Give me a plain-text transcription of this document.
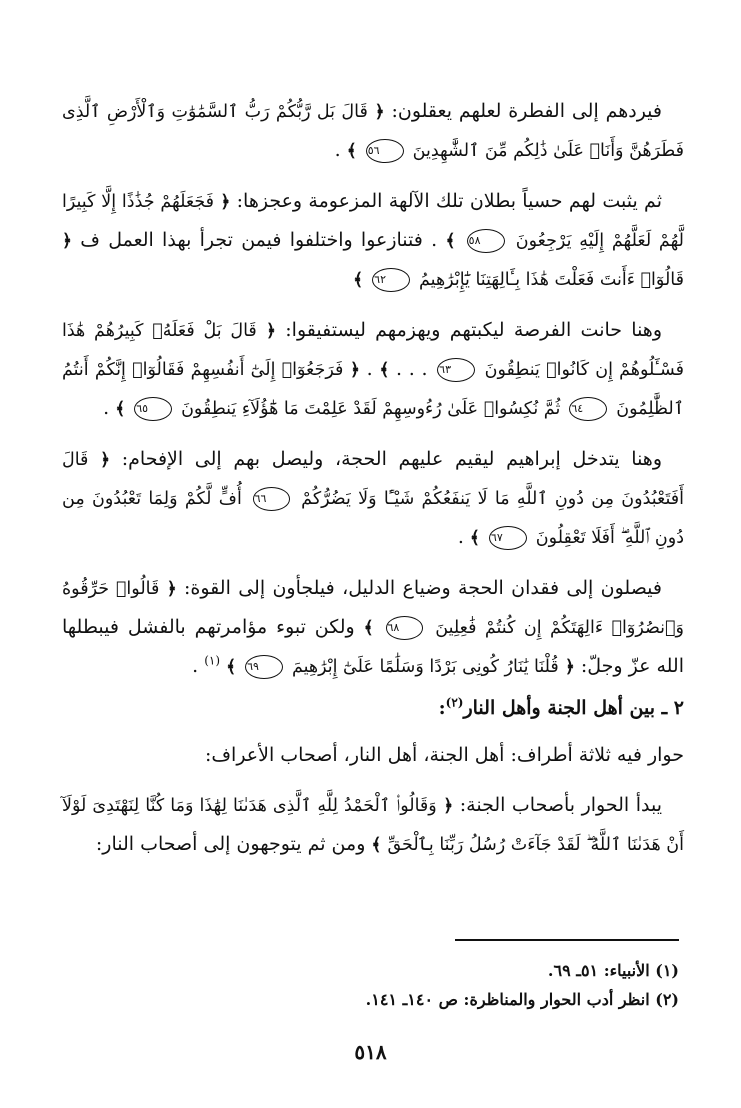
فيردهم إلى الفطرة لعلهم يعقلون: ﴿ قَالَ بَل رَّبُّكُمْ رَبُّ ٱلسَّمَٰوَٰتِ وَٱلْأَرْضِ ٱلَّذِى فَطَرَهُنَّ وَأَنَا۠ عَلَىٰ ذَٰلِكُم مِّنَ ٱلشَّٰهِدِينَ ٥٦ ﴾ .

ثم يثبت لهم حسياً بطلان تلك الآلهة المزعومة وعجزها: ﴿ فَجَعَلَهُمْ جُذَٰذًا إِلَّا كَبِيرًا لَّهُمْ لَعَلَّهُمْ إِلَيْهِ يَرْجِعُونَ ٥٨ ﴾ . فتنازعوا واختلفوا فيمن تجرأ بهذا العمل ف ﴿ قَالُوٓا۟ ءَأَنتَ فَعَلْتَ هَٰذَا بِـَٔالِهَتِنَا يَٰٓإِبْرَٰهِيمُ ٦٢ ﴾

وهنا حانت الفرصة ليكبتهم ويهزمهم ليستفيقوا: ﴿ قَالَ بَلْ فَعَلَهُۥ كَبِيرُهُمْ هَٰذَا فَسْـَٔلُوهُمْ إِن كَانُوا۟ يَنطِقُونَ ٦٣ . . . ﴾ . ﴿ فَرَجَعُوٓا۟ إِلَىٰٓ أَنفُسِهِمْ فَقَالُوٓا۟ إِنَّكُمْ أَنتُمُ ٱلظَّٰلِمُونَ ٦٤ ثُمَّ نُكِسُوا۟ عَلَىٰ رُءُوسِهِمْ لَقَدْ عَلِمْتَ مَا هَٰٓؤُلَآءِ يَنطِقُونَ ٦٥ ﴾ .

وهنا يتدخل إبراهيم ليقيم عليهم الحجة، وليصل بهم إلى الإفحام: ﴿ قَالَ أَفَتَعْبُدُونَ مِن دُونِ ٱللَّهِ مَا لَا يَنفَعُكُمْ شَيْـًٔا وَلَا يَضُرُّكُمْ ٦٦ أُفٍّ لَّكُمْ وَلِمَا تَعْبُدُونَ مِن دُونِ ٱللَّهِ ۖ أَفَلَا تَعْقِلُونَ ٦٧ ﴾ .

فيصلون إلى فقدان الحجة وضياع الدليل، فيلجأون إلى القوة: ﴿ قَالُوا۟ حَرِّقُوهُ وَٱنصُرُوٓا۟ ءَالِهَتَكُمْ إِن كُنتُمْ فَٰعِلِينَ ٦٨ ﴾ ولكن تبوء مؤامرتهم بالفشل فيبطلها الله عزّ وجلّ: ﴿ قُلْنَا يَٰنَارُ كُونِى بَرْدًا وَسَلَٰمًا عَلَىٰٓ إِبْرَٰهِيمَ ٦٩ ﴾ $^{(١)}$ .

٢ ـ بين أهل الجنة وأهل النار$^{(٢)}$:

حوار فيه ثلاثة أطراف: أهل الجنة، أهل النار، أصحاب الأعراف:

يبدأ الحوار بأصحاب الجنة: ﴿ وَقَالُوا۟ ٱلْحَمْدُ لِلَّهِ ٱلَّذِى هَدَىٰنَا لِهَٰذَا وَمَا كُنَّا لِنَهْتَدِىَ لَوْلَآ أَنْ هَدَىٰنَا ٱللَّهُ ۖ لَقَدْ جَآءَتْ رُسُلُ رَبِّنَا بِٱلْحَقِّ ﴾ ومن ثم يتوجهون إلى أصحاب النار:

(١) الأنبياء: ٥١ـ ٦٩.

(٢) انظر أدب الحوار والمناظرة: ص ١٤٠ـ ١٤١.

٥١٨
